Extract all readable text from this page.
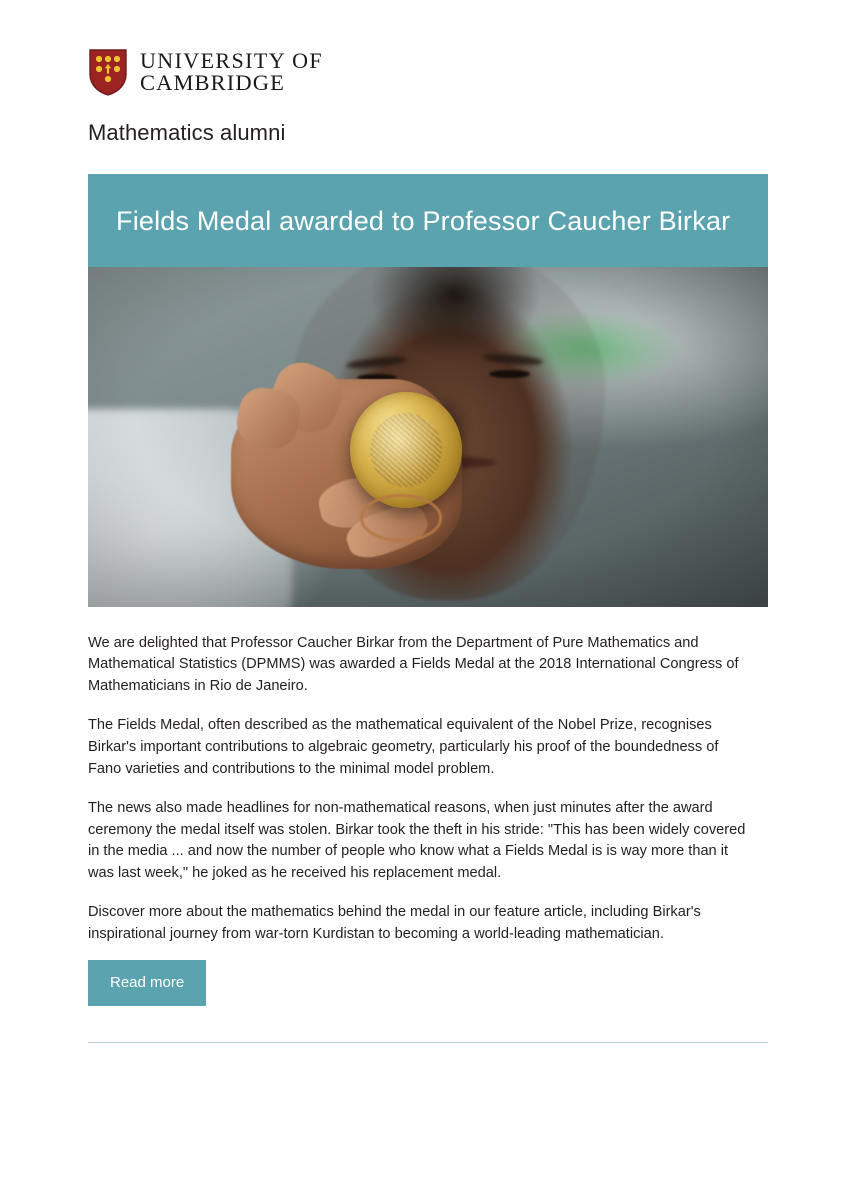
UNIVERSITY OF
CAMBRIDGE
Mathematics alumni
Fields Medal awarded to Professor Caucher Birkar

We are delighted that Professor Caucher Birkar from the Department of Pure Mathematics and Mathematical Statistics (DPMMS) was awarded a Fields Medal at the 2018 International Congress of Mathematicians in Rio de Janeiro.

The Fields Medal, often described as the mathematical equivalent of the Nobel Prize, recognises Birkar's important contributions to algebraic geometry, particularly his proof of the boundedness of Fano varieties and contributions to the minimal model problem.

The news also made headlines for non-mathematical reasons, when just minutes after the award ceremony the medal itself was stolen. Birkar took the theft in his stride: "This has been widely covered in the media ... and now the number of people who know what a Fields Medal is is way more than it was last week," he joked as he received his replacement medal.

Discover more about the mathematics behind the medal in our feature article, including Birkar's inspirational journey from war-torn Kurdistan to becoming a world-leading mathematician.

Read more
